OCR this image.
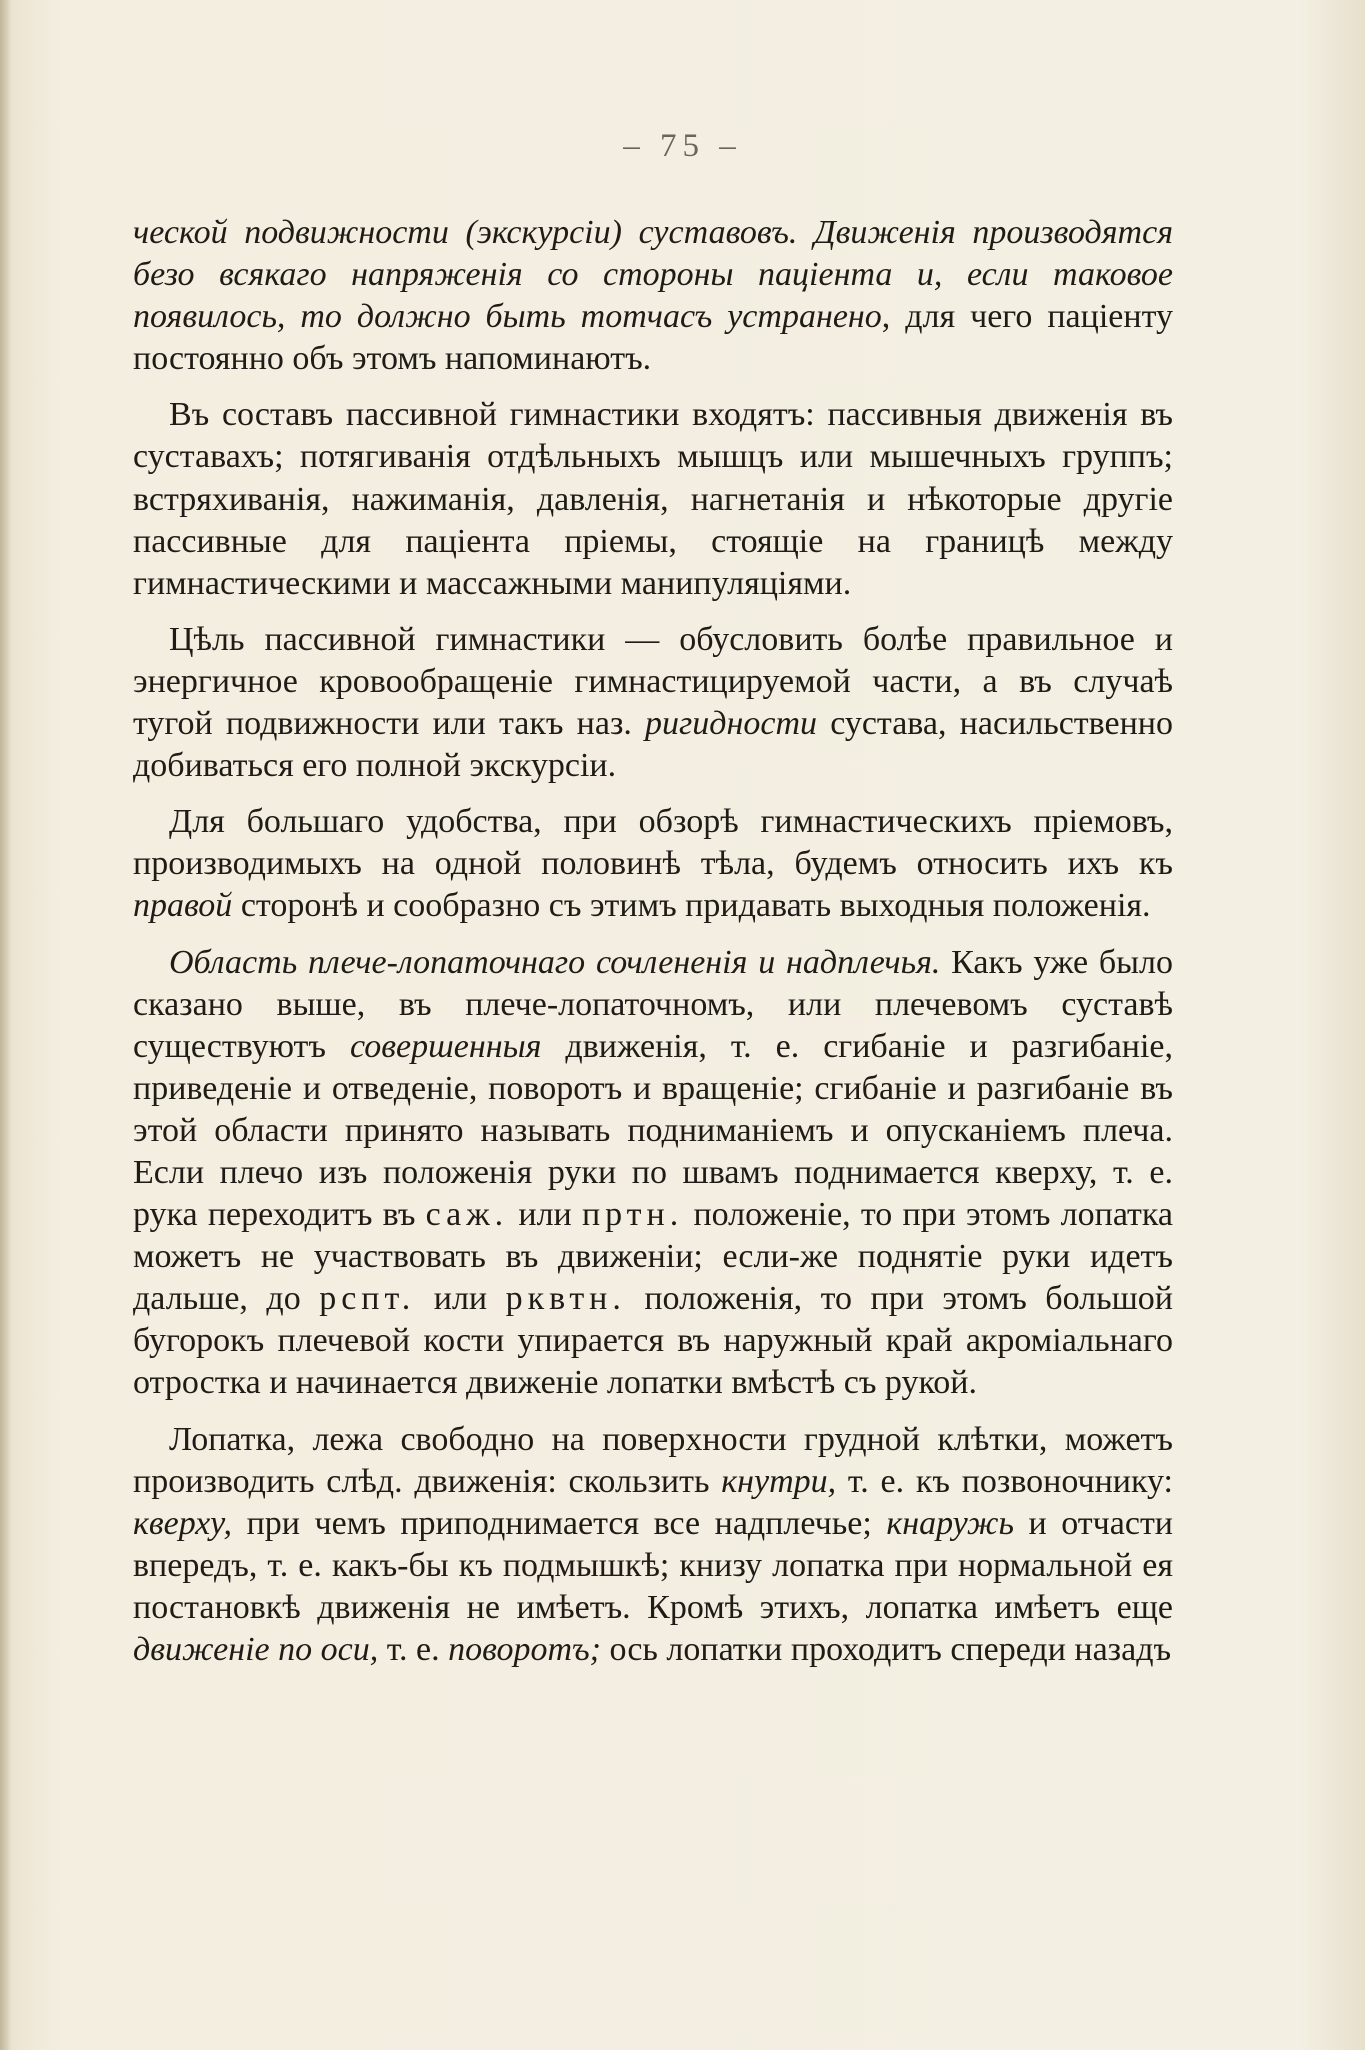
– 75 –

ческой подвижности (экскурсіи) суставовъ. Движенія производятся безо всякаго напряженія со стороны паціента и, если таковое появилось, то должно быть тотчасъ устранено, для чего паціенту постоянно объ этомъ напоминаютъ.

Въ составъ пассивной гимнастики входятъ: пассивныя движенія въ суставахъ; потягиванія отдѣльныхъ мышцъ или мышечныхъ группъ; встряхиванія, нажиманія, давленія, нагнетанія и нѣкоторые другіе пассивные для паціента пріемы, стоящіе на границѣ между гимнастическими и массажными манипуляціями.

Цѣль пассивной гимнастики — обусловить болѣе правильное и энергичное кровообращеніе гимнастицируемой части, а въ случаѣ тугой подвижности или такъ наз. ригидности сустава, насильственно добиваться его полной экскурсіи.

Для большаго удобства, при обзорѣ гимнастическихъ пріемовъ, производимыхъ на одной половинѣ тѣла, будемъ относить ихъ къ правой сторонѣ и сообразно съ этимъ придавать выходныя положенія.

Область плече-лопаточнаго сочлененія и надплечья. Какъ уже было сказано выше, въ плече-лопаточномъ, или плечевомъ суставѣ существуютъ совершенныя движенія, т. е. сгибаніе и разгибаніе, приведеніе и отведеніе, поворотъ и вращеніе; сгибаніе и разгибаніе въ этой области принято называть подниманіемъ и опусканіемъ плеча. Если плечо изъ положенія руки по швамъ поднимается кверху, т. е. рука переходитъ въ саж. или пртн. положеніе, то при этомъ лопатка можетъ не участвовать въ движеніи; если-же поднятіе руки идетъ дальше, до рспт. или рквтн. положенія, то при этомъ большой бугорокъ плечевой кости упирается въ наружный край акроміальнаго отростка и начинается движеніе лопатки вмѣстѣ съ рукой.

Лопатка, лежа свободно на поверхности грудной клѣтки, можетъ производить слѣд. движенія: скользить кнутри, т. е. къ позвоночнику: кверху, при чемъ приподнимается все надплечье; кнаружь и отчасти впередъ, т. е. какъ-бы къ подмышкѣ; книзу лопатка при нормальной ея постановкѣ движенія не имѣетъ. Кромѣ этихъ, лопатка имѣетъ еще движеніе по оси, т. е. поворотъ; ось лопатки проходитъ спереди назадъ
